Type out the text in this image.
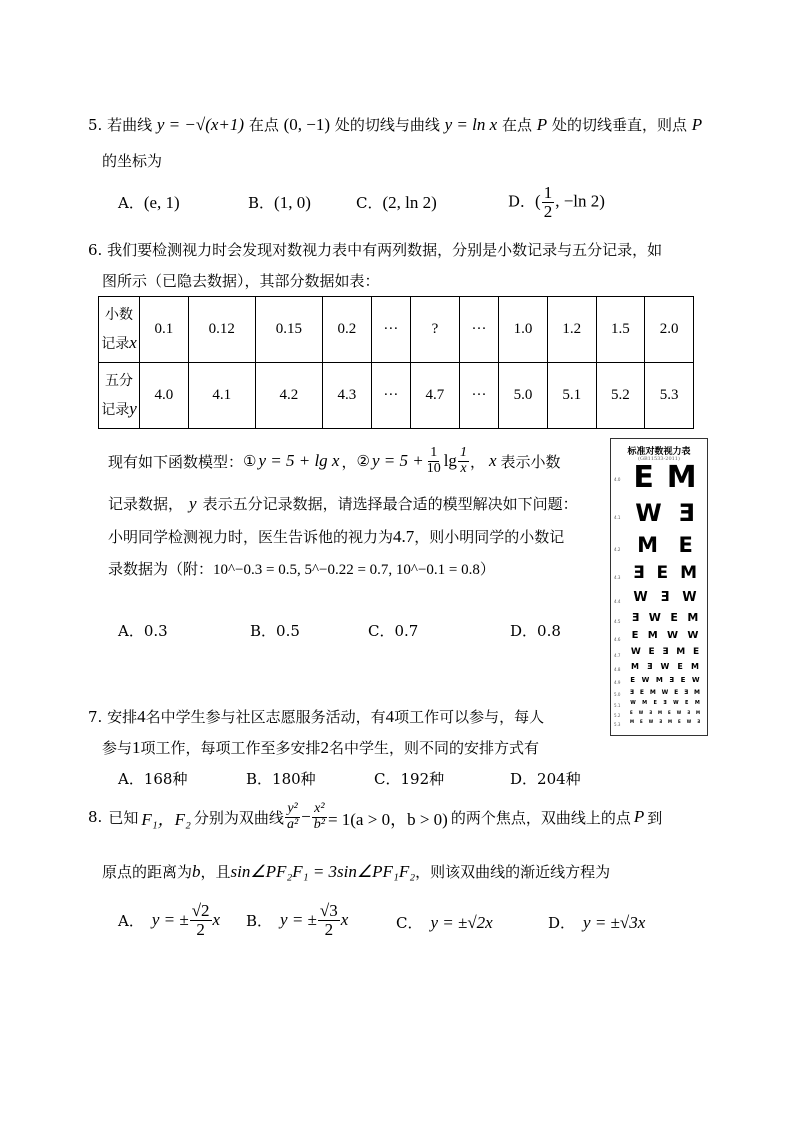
5. 若曲线 y = −√(x+1) 在点 (0, −1) 处的切线与曲线 y = ln x 在点 P 处的切线垂直，则点 P
的坐标为
A．(e, 1)	B．(1, 0)	C．(2, ln 2)	D．( $\frac{1}{2}$ , −ln 2)
6. 我们要检测视力时会发现对数视力表中有两列数据，分别是小数记录与五分记录，如
图所示（已隐去数据），其部分数据如表：
小数
记录x	0.1	0.12	0.15	0.2	···	?	···	1.0	1.2	1.5	2.0
五分
记录y	4.0	4.1	4.2	4.3	···	4.7	···	5.0	5.1	5.2	5.3
现有如下函数模型： ① y = 5 + lg x ， ② $y = 5 + \frac{1}{10}$ $\lg \frac{1}{x}$ ， x 表示小数
记录数据， y 表示五分记录数据，请选择最合适的模型解决如下问题：
小明同学检测视力时，医生告诉他的视力为4.7，则小明同学的小数记
录数据为（附：10^−0.3 = 0.5, 5^−0.22 = 0.7, 10^−0.1 = 0.8）
A．0.3	B．0.5	C．0.7	D．0.8
标准对数视力表
(GB11533-2011)
4.0 E M
4.1 W Ǝ
4.2 M E
4.3 Ǝ E M
4.4 W Ǝ W
4.5 Ǝ W E M
4.6 E M W W
4.7 W E Ǝ M E
4.8 M Ǝ W E M
4.9 E W M Ǝ E W
5.0 Ǝ E M W E Ǝ M
5.1 W M E Ǝ W E M
5.2
E W Ǝ M E W Ǝ M
5.3
M E W Ǝ M E W Ǝ
7. 安排4名中学生参与社区志愿服务活动，有4项工作可以参与，每人
参与1项工作，每项工作至多安排2名中学生，则不同的安排方式有
A．168种	B．180种	C．192种	D．204种
8. 已知 F₁，F₂ 分别为双曲线 $\frac{\text{y²}}{\text{a²}} - \frac{\text{x²}}{\text{b²}} = 1(a > 0$，b > 0) 的两个焦点，双曲线上的点 P 到
原点的距离为b，且sin∠PF₂F₁ = 3sin∠PF₁F₂，则该双曲线的渐近线方程为
A． y = ± $\frac{√2}{2}$ x B． y = ± $\frac{√3}{2}$ x	C． y = ±√2x	D． y = ±√3x
